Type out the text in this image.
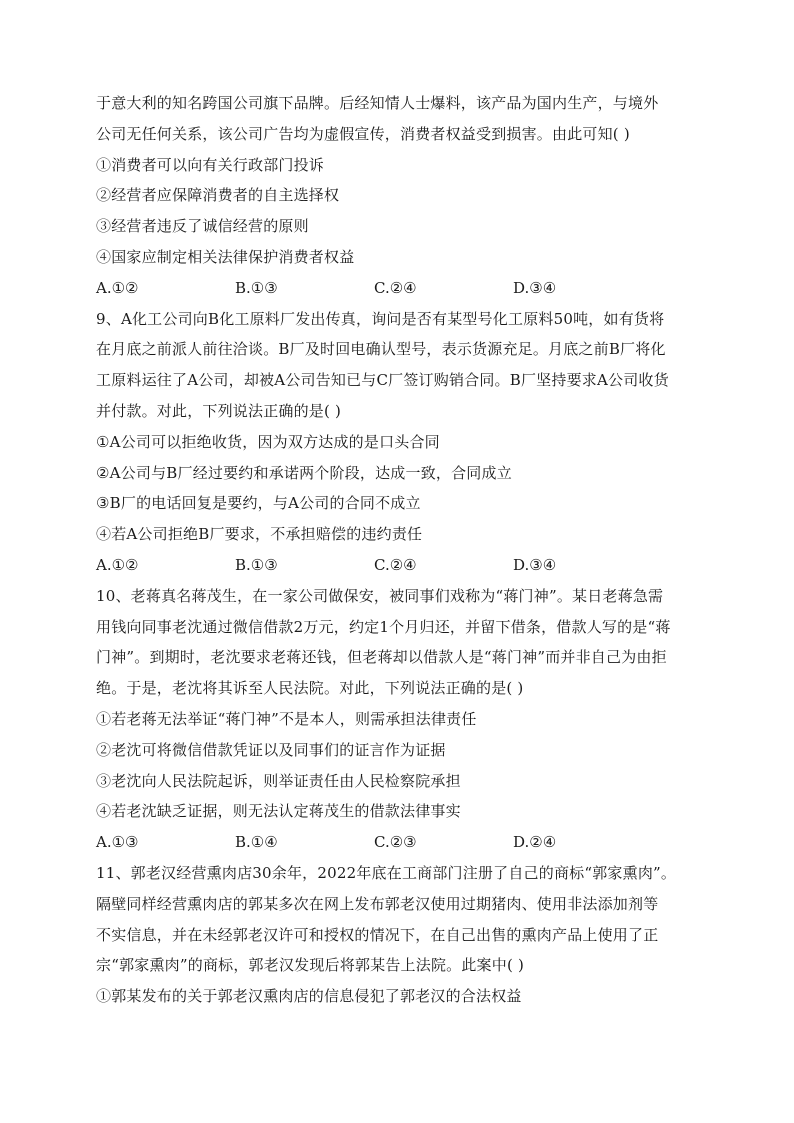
于意大利的知名跨国公司旗下品牌。后经知情人士爆料，该产品为国内生产，与境外
公司无任何关系，该公司广告均为虚假宣传，消费者权益受到损害。由此可知( )
①消费者可以向有关行政部门投诉
②经营者应保障消费者的自主选择权
③经营者违反了诚信经营的原则
④国家应制定相关法律保护消费者权益
A.①②	B.①③	C.②④	D.③④
9、A化工公司向B化工原料厂发出传真，询问是否有某型号化工原料50吨，如有货将
在月底之前派人前往洽谈。B厂及时回电确认型号，表示货源充足。月底之前B厂将化
工原料运往了A公司，却被A公司告知已与C厂签订购销合同。B厂坚持要求A公司收货
并付款。对此，下列说法正确的是( )
①A公司可以拒绝收货，因为双方达成的是口头合同
②A公司与B厂经过要约和承诺两个阶段，达成一致，合同成立
③B厂的电话回复是要约，与A公司的合同不成立
④若A公司拒绝B厂要求，不承担赔偿的违约责任
A.①②	B.①③	C.②④	D.③④
10、老蒋真名蒋茂生，在一家公司做保安，被同事们戏称为“蒋门神”。某日老蒋急需
用钱向同事老沈通过微信借款2万元，约定1个月归还，并留下借条，借款人写的是“蒋
门神”。到期时，老沈要求老蒋还钱，但老蒋却以借款人是“蒋门神”而并非自己为由拒
绝。于是，老沈将其诉至人民法院。对此，下列说法正确的是( )
①若老蒋无法举证“蒋门神”不是本人，则需承担法律责任
②老沈可将微信借款凭证以及同事们的证言作为证据
③老沈向人民法院起诉，则举证责任由人民检察院承担
④若老沈缺乏证据，则无法认定蒋茂生的借款法律事实
A.①③	B.①④	C.②③	D.②④
11、郭老汉经营熏肉店30余年，2022年底在工商部门注册了自己的商标“郭家熏肉”。
隔壁同样经营熏肉店的郭某多次在网上发布郭老汉使用过期猪肉、使用非法添加剂等
不实信息，并在未经郭老汉许可和授权的情况下，在自己出售的熏肉产品上使用了正
宗“郭家熏肉”的商标，郭老汉发现后将郭某告上法院。此案中( )
①郭某发布的关于郭老汉熏肉店的信息侵犯了郭老汉的合法权益
